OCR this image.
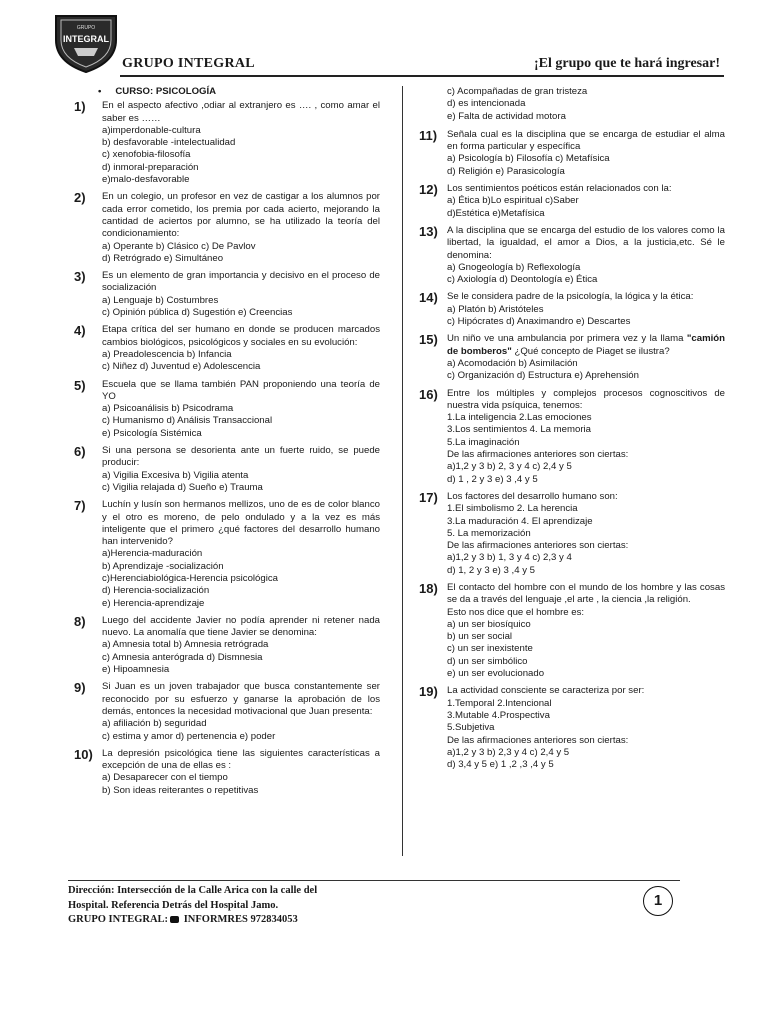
GRUPO
INTEGRAL
GRUPO INTEGRAL	¡El grupo que te hará ingresar!
• CURSO: PSICOLOGÍA
1)	En el aspecto afectivo ,odiar al extranjero es …. , como amar el saber es ……
a)imperdonable-cultura
b) desfavorable -intelectualidad
c) xenofobia-filosofía
d) inmoral-preparación
e)malo-desfavorable
2)	En un colegio, un profesor en vez de castigar a los alumnos por cada error cometido, los premia por cada acierto, mejorando la cantidad de aciertos por alumno, se ha utilizado la teoría del condicionamiento:
a) Operante b) Clásico c) De Pavlov
d) Retrógrado e) Simultáneo
3)	Es un elemento de gran importancia y decisivo en el proceso de socialización
a) Lenguaje b) Costumbres
c) Opinión pública d) Sugestión e) Creencias
4)	Etapa crítica del ser humano en donde se producen marcados cambios biológicos, psicológicos y sociales en su evolución:
a) Preadolescencia b) Infancia
c) Niñez d) Juventud e) Adolescencia
5)	Escuela que se llama también PAN proponiendo una teoría de YO
a) Psicoanálisis b) Psicodrama
c) Humanismo d) Análisis Transaccional
e) Psicología Sistémica
6)	Si una persona se desorienta ante un fuerte ruido, se puede producir:
a) Vigilia Excesiva b) Vigilia atenta
c) Vigilia relajada d) Sueño e) Trauma
7)	Luchín y lusín son hermanos mellizos, uno de es de color blanco y el otro es moreno, de pelo ondulado y a la vez es más inteligente que el primero ¿qué factores del desarrollo humano han intervenido?
a)Herencia-maduración
b) Aprendizaje -socialización
c)Herenciabiológica-Herencia psicológica
d) Herencia-socialización
e) Herencia-aprendizaje
8)	Luego del accidente Javier no podía aprender ni retener nada nuevo. La anomalía que tiene Javier se denomina:
a) Amnesia total b) Amnesia retrógrada
c) Amnesia anterógrada d) Dismnesia
e) Hipoamnesia
9)	Si Juan es un joven trabajador que busca constantemente ser reconocido por su esfuerzo y ganarse la aprobación de los demás, entonces la necesidad motivacional que Juan presenta:
a) afiliación b) seguridad
c) estima y amor d) pertenencia e) poder
10) La depresión psicológica tiene las siguientes características a excepción de una de ellas es :
a) Desaparecer con el tiempo
b) Son ideas reiterantes o repetitivas
c) Acompañadas de gran tristeza
d) es intencionada
e) Falta de actividad motora
11)	Señala cual es la disciplina que se encarga de estudiar el alma en forma particular y específica
a) Psicología b) Filosofía c) Metafísica
d) Religión e) Parasicología
12) Los sentimientos poéticos están relacionados con la:
a) Ética b)Lo espiritual c)Saber
d)Estética e)Metafísica
13) A la disciplina que se encarga del estudio de los valores como la libertad, la igualdad, el amor a Dios, a la justicia,etc. Sé le denomina:
a) Gnogeología b) Reflexología
c) Axiología d) Deontología e) Ética
14) Se le considera padre de la psicología, la lógica y la ética:
a) Platón b) Aristóteles
c) Hipócrates d) Anaximandro e) Descartes
15) Un niño ve una ambulancia por primera vez y la llama "camión de bomberos" ¿Qué concepto de Piaget se ilustra?
a) Acomodación b) Asimilación
c) Organización d) Estructura e) Aprehensión
16) Entre los múltiples y complejos procesos cognoscitivos de nuestra vida psíquica, tenemos:
1.La inteligencia 2.Las emociones
3.Los sentimientos 4. La memoria
5.La imaginación
De las afirmaciones anteriores son ciertas:
a)1,2 y 3 b) 2, 3 y 4 c) 2,4 y 5
d) 1 , 2 y 3 e) 3 ,4 y 5
17) Los factores del desarrollo humano son:
1.El simbolismo 2. La herencia
3.La maduración 4. El aprendizaje
5. La memorización
De las afirmaciones anteriores son ciertas:
a)1,2 y 3 b) 1, 3 y 4 c) 2,3 y 4
d) 1, 2 y 3 e) 3 ,4 y 5
18) El contacto del hombre con el mundo de los hombre y las cosas se da a través del lenguaje ,el arte , la ciencia ,la religión.
Esto nos dice que el hombre es:
a) un ser biosíquico
b) un ser social
c) un ser inexistente
d) un ser simbólico
e) un ser evolucionado
19) La actividad consciente se caracteriza por ser:
1.Temporal 2.Intencional
3.Mutable 4.Prospectiva
5.Subjetiva
De las afirmaciones anteriores son ciertas:
a)1,2 y 3 b) 2,3 y 4 c) 2,4 y 5
d) 3,4 y 5 e) 1 ,2 ,3 ,4 y 5
Dirección: Intersección de la Calle Arica con la calle del
Hospital. Referencia Detrás del Hospital Jamo.
GRUPO INTEGRAL: INFORMRES 972834053
1
